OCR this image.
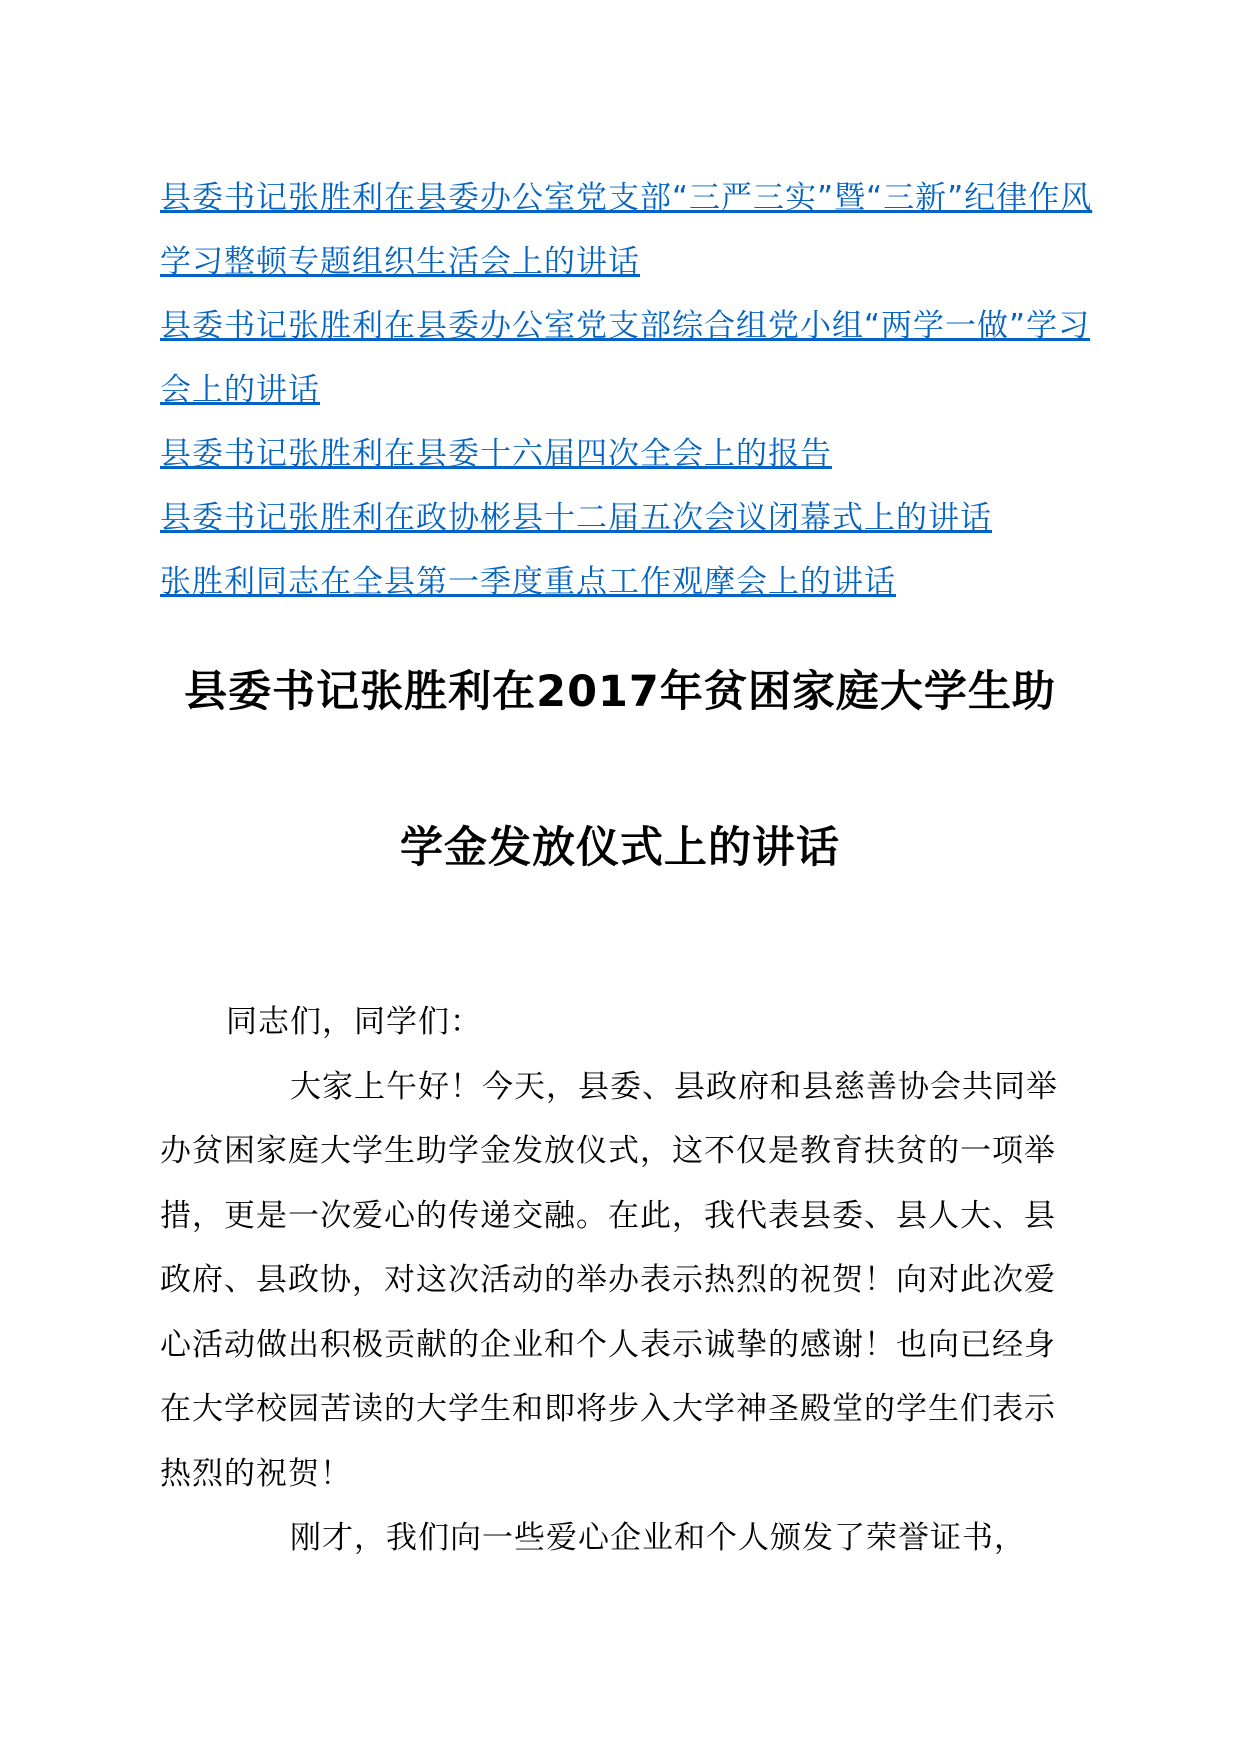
县委书记张胜利在县委办公室党支部“三严三实”暨“三新”纪律作风学习整顿专题组织生活会上的讲话
县委书记张胜利在县委办公室党支部综合组党小组“两学一做”学习会上的讲话
县委书记张胜利在县委十六届四次全会上的报告
县委书记张胜利在政协彬县十二届五次会议闭幕式上的讲话
张胜利同志在全县第一季度重点工作观摩会上的讲话
县委书记张胜利在2017年贫困家庭大学生助
学金发放仪式上的讲话

同志们，同学们：

大家上午好！今天，县委、县政府和县慈善协会共同举办贫困家庭大学生助学金发放仪式，这不仅是教育扶贫的一项举措，更是一次爱心的传递交融。在此，我代表县委、县人大、县政府、县政协，对这次活动的举办表示热烈的祝贺！向对此次爱心活动做出积极贡献的企业和个人表示诚挚的感谢！也向已经身在大学校园苦读的大学生和即将步入大学神圣殿堂的学生们表示热烈的祝贺！

刚才，我们向一些爱心企业和个人颁发了荣誉证书，
